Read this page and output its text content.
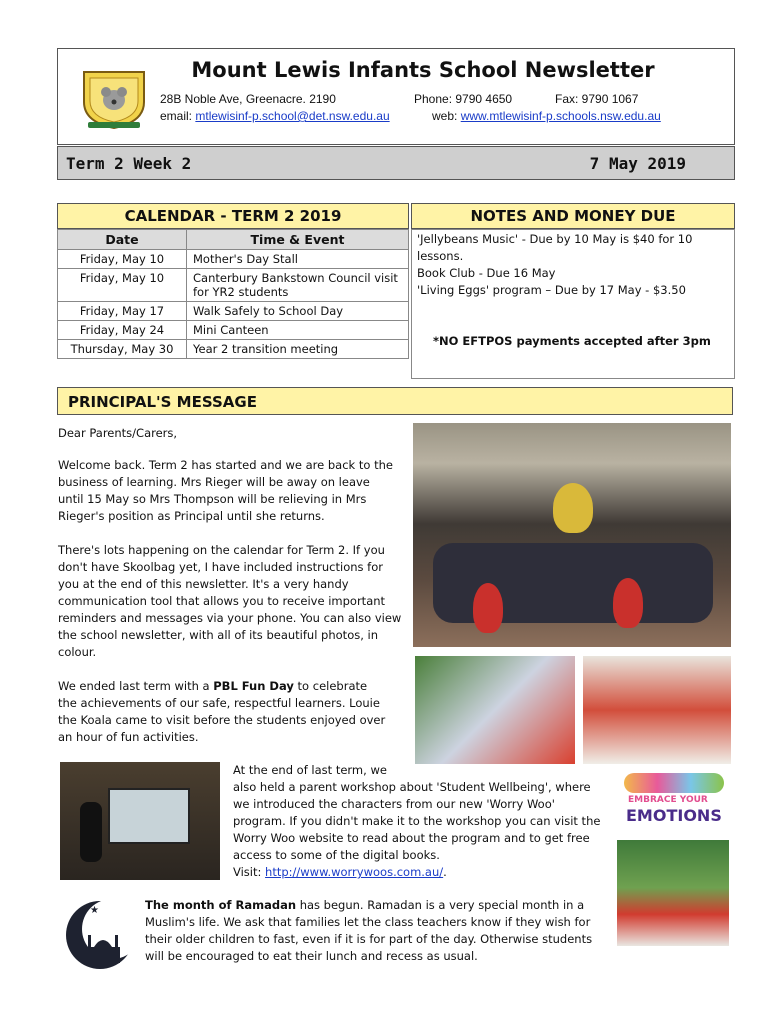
Mount Lewis Infants School Newsletter
28B Noble Ave, Greenacre. 2190	Phone: 9790 4650	Fax: 9790 1067
email: mtlewisinf-p.school@det.nsw.edu.au	web: www.mtlewisinf-p.schools.nsw.edu.au
Term 2 Week 2	7 May 2019
CALENDAR - TERM 2 2019
Date	Time & Event
Friday, May 10	Mother's Day Stall
Friday, May 10	Canterbury Bankstown Council visit for YR2 students
Friday, May 17	Walk Safely to School Day
Friday, May 24	Mini Canteen
Thursday, May 30	Year 2 transition meeting
NOTES AND MONEY DUE
'Jellybeans Music' - Due by 10 May is $40 for 10 lessons.
Book Club - Due 16 May
'Living Eggs' program – Due by 17 May - $3.50
*NO EFTPOS payments accepted after 3pm
PRINCIPAL'S MESSAGE
Dear Parents/Carers,
Welcome back. Term 2 has started and we are back to the business of learning. Mrs Rieger will be away on leave until 15 May so Mrs Thompson will be relieving in Mrs Rieger's position as Principal until she returns.
There's lots happening on the calendar for Term 2. If you don't have Skoolbag yet, I have included instructions for you at the end of this newsletter. It's a very handy communication tool that allows you to receive important reminders and messages via your phone. You can also view the school newsletter, with all of its beautiful photos, in colour.
We ended last term with a PBL Fun Day to celebrate the achievements of our safe, respectful learners. Louie the Koala came to visit before the students enjoyed over an hour of fun activities.
At the end of last term, we
also held a parent workshop about 'Student Wellbeing', where we introduced the characters from our new 'Worry Woo' program. If you didn't make it to the workshop you can visit the Worry Woo website to read about the program and to get free access to some of the digital books.
Visit: http://www.worrywoos.com.au/.
The month of Ramadan has begun. Ramadan is a very special month in a Muslim's life. We ask that families let the class teachers know if they wish for their older children to fast, even if it is for part of the day. Otherwise students will be encouraged to eat their lunch and recess as usual.
EMBRACE YOUR
EMOTIONS
★
